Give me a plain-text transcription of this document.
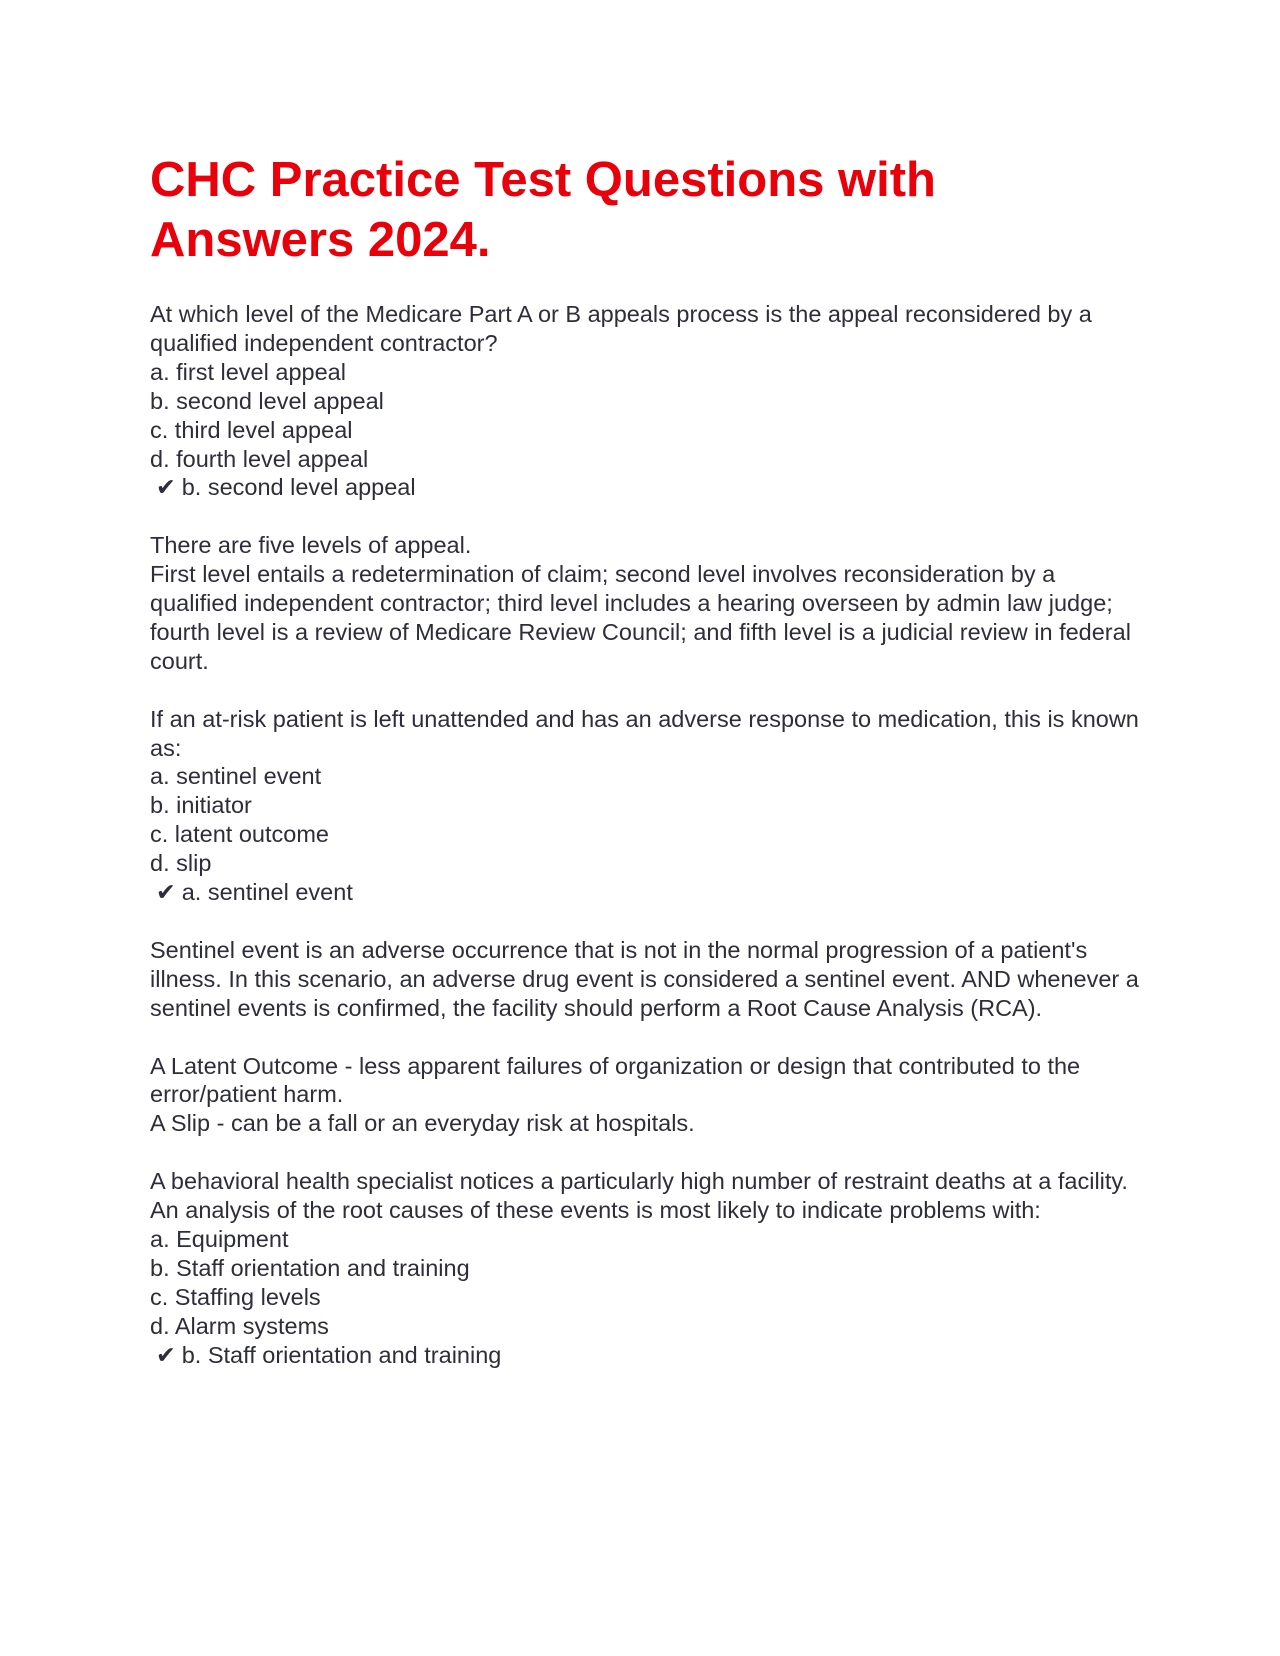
CHC Practice Test Questions with Answers 2024.
At which level of the Medicare Part A or B appeals process is the appeal reconsidered by a qualified independent contractor?
a. first level appeal
b. second level appeal
c. third level appeal
d. fourth level appeal
✔ b. second level appeal
There are five levels of appeal.
First level entails a redetermination of claim; second level involves reconsideration by a qualified independent contractor; third level includes a hearing overseen by admin law judge; fourth level is a review of Medicare Review Council; and fifth level is a judicial review in federal court.
If an at-risk patient is left unattended and has an adverse response to medication, this is known as:
a. sentinel event
b. initiator
c. latent outcome
d. slip
✔ a. sentinel event
Sentinel event is an adverse occurrence that is not in the normal progression of a patient's illness. In this scenario, an adverse drug event is considered a sentinel event. AND whenever a sentinel events is confirmed, the facility should perform a Root Cause Analysis (RCA).
A Latent Outcome - less apparent failures of organization or design that contributed to the error/patient harm.
A Slip - can be a fall or an everyday risk at hospitals.
A behavioral health specialist notices a particularly high number of restraint deaths at a facility. An analysis of the root causes of these events is most likely to indicate problems with:
a. Equipment
b. Staff orientation and training
c. Staffing levels
d. Alarm systems
✔ b. Staff orientation and training
